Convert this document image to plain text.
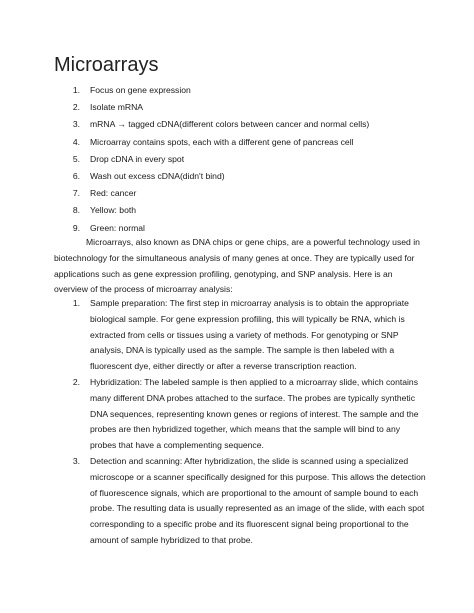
Microarrays
1.	Focus on gene expression
2.	Isolate mRNA
3.	mRNA → tagged cDNA(different colors between cancer and normal cells)
4.	Microarray contains spots, each with a different gene of pancreas cell
5.	Drop cDNA in every spot
6.	Wash out excess cDNA(didn't bind)
7.	Red: cancer
8.	Yellow: both
9.	Green: normal

Microarrays, also known as DNA chips or gene chips, are a powerful technology used in biotechnology for the simultaneous analysis of many genes at once. They are typically used for applications such as gene expression profiling, genotyping, and SNP analysis. Here is an overview of the process of microarray analysis:

1.	Sample preparation: The first step in microarray analysis is to obtain the appropriate biological sample. For gene expression profiling, this will typically be RNA, which is extracted from cells or tissues using a variety of methods. For genotyping or SNP analysis, DNA is typically used as the sample. The sample is then labeled with a fluorescent dye, either directly or after a reverse transcription reaction.
2.	Hybridization: The labeled sample is then applied to a microarray slide, which contains many different DNA probes attached to the surface. The probes are typically synthetic DNA sequences, representing known genes or regions of interest. The sample and the probes are then hybridized together, which means that the sample will bind to any probes that have a complementing sequence.
3.	Detection and scanning: After hybridization, the slide is scanned using a specialized microscope or a scanner specifically designed for this purpose. This allows the detection of fluorescence signals, which are proportional to the amount of sample bound to each probe. The resulting data is usually represented as an image of the slide, with each spot corresponding to a specific probe and its fluorescent signal being proportional to the amount of sample hybridized to that probe.
